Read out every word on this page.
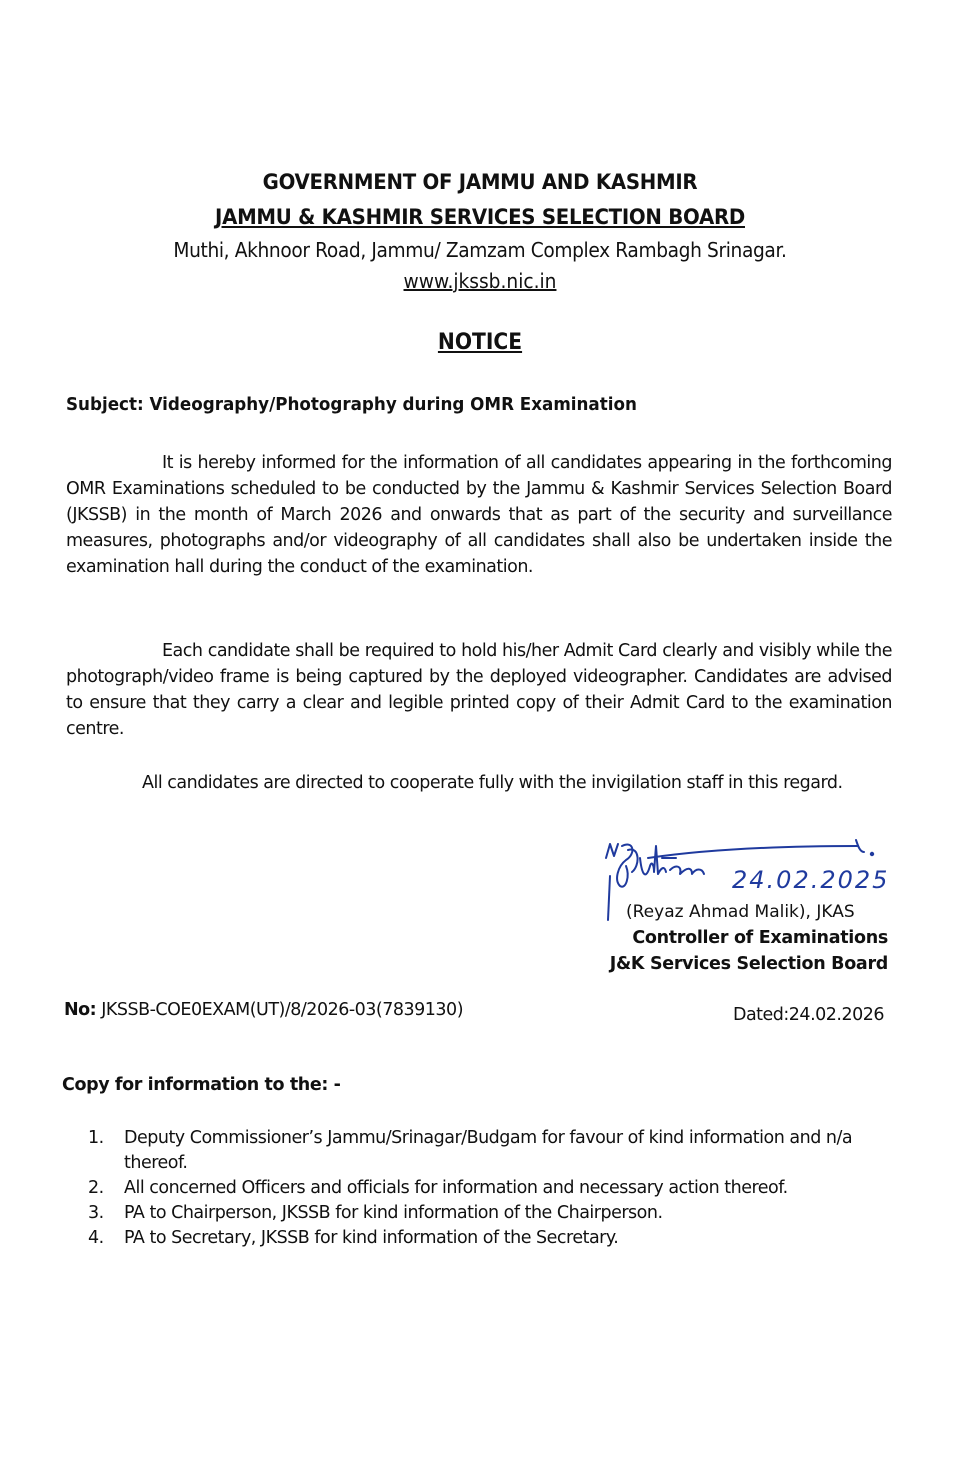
GOVERNMENT OF JAMMU AND KASHMIR
JAMMU & KASHMIR SERVICES SELECTION BOARD
Muthi, Akhnoor Road, Jammu/ Zamzam Complex Rambagh Srinagar.
www.jkssb.nic.in
NOTICE
Subject: Videography/Photography during OMR Examination
It is hereby informed for the information of all candidates appearing in the forthcoming OMR Examinations scheduled to be conducted by the Jammu & Kashmir Services Selection Board (JKSSB) in the month of March 2026 and onwards that as part of the security and surveillance measures, photographs and/or videography of all candidates shall also be undertaken inside the examination hall during the conduct of the examination.
Each candidate shall be required to hold his/her Admit Card clearly and visibly while the photograph/video frame is being captured by the deployed videographer. Candidates are advised to ensure that they carry a clear and legible printed copy of their Admit Card to the examination centre.
All candidates are directed to cooperate fully with the invigilation staff in this regard.
24.02.2025
(Reyaz Ahmad Malik), JKAS
Controller of Examinations
J&K Services Selection Board
No: JKSSB-COE0EXAM(UT)/8/2026-03(7839130)	Dated:24.02.2026
Copy for information to the: -
1. Deputy Commissioner’s Jammu/Srinagar/Budgam for favour of kind information and n/a thereof.
2. All concerned Officers and officials for information and necessary action thereof.
3. PA to Chairperson, JKSSB for kind information of the Chairperson.
4. PA to Secretary, JKSSB for kind information of the Secretary.
